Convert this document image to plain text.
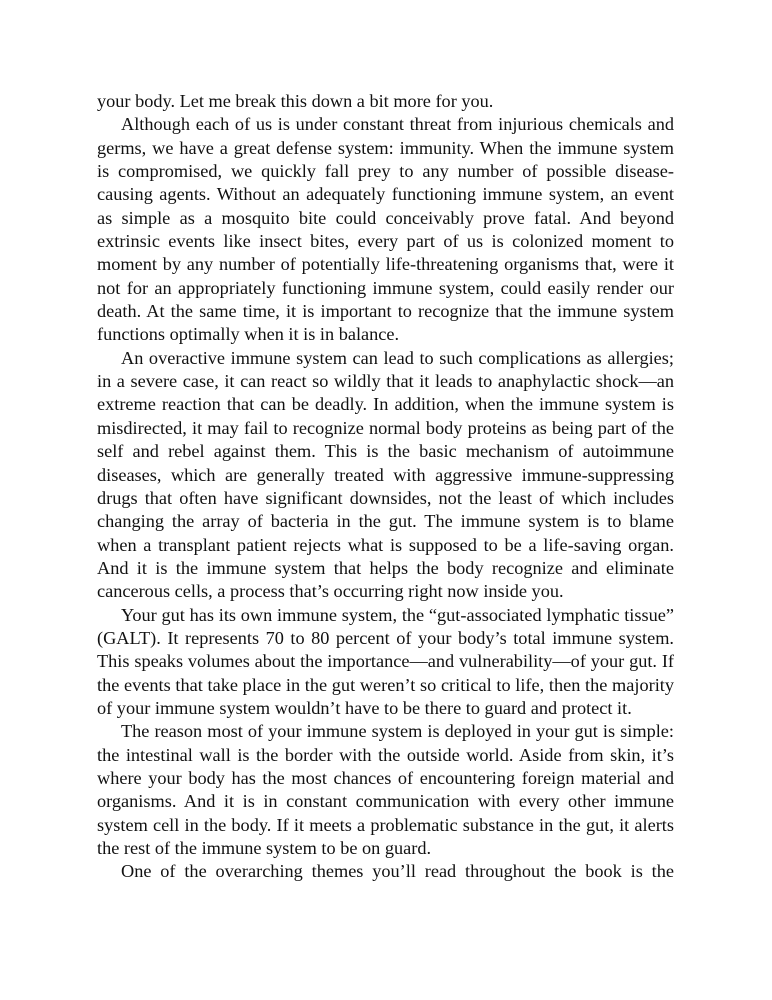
your body. Let me break this down a bit more for you.

Although each of us is under constant threat from injurious chemicals and germs, we have a great defense system: immunity. When the immune system is compromised, we quickly fall prey to any number of possible disease-causing agents. Without an adequately functioning immune system, an event as simple as a mosquito bite could conceivably prove fatal. And beyond extrinsic events like insect bites, every part of us is colonized moment to moment by any number of potentially life-threatening organisms that, were it not for an appropriately functioning immune system, could easily render our death. At the same time, it is important to recognize that the immune system functions optimally when it is in balance.

An overactive immune system can lead to such complications as allergies; in a severe case, it can react so wildly that it leads to anaphylactic shock—an extreme reaction that can be deadly. In addition, when the immune system is misdirected, it may fail to recognize normal body proteins as being part of the self and rebel against them. This is the basic mechanism of autoimmune diseases, which are generally treated with aggressive immune-suppressing drugs that often have significant downsides, not the least of which includes changing the array of bacteria in the gut. The immune system is to blame when a transplant patient rejects what is supposed to be a life-saving organ. And it is the immune system that helps the body recognize and eliminate cancerous cells, a process that’s occurring right now inside you.

Your gut has its own immune system, the “gut-associated lymphatic tissue” (GALT). It represents 70 to 80 percent of your body’s total immune system. This speaks volumes about the importance—and vulnerability—of your gut. If the events that take place in the gut weren’t so critical to life, then the majority of your immune system wouldn’t have to be there to guard and protect it.

The reason most of your immune system is deployed in your gut is simple: the intestinal wall is the border with the outside world. Aside from skin, it’s where your body has the most chances of encountering foreign material and organisms. And it is in constant communication with every other immune system cell in the body. If it meets a problematic substance in the gut, it alerts the rest of the immune system to be on guard.

One of the overarching themes you’ll read throughout the book is the
